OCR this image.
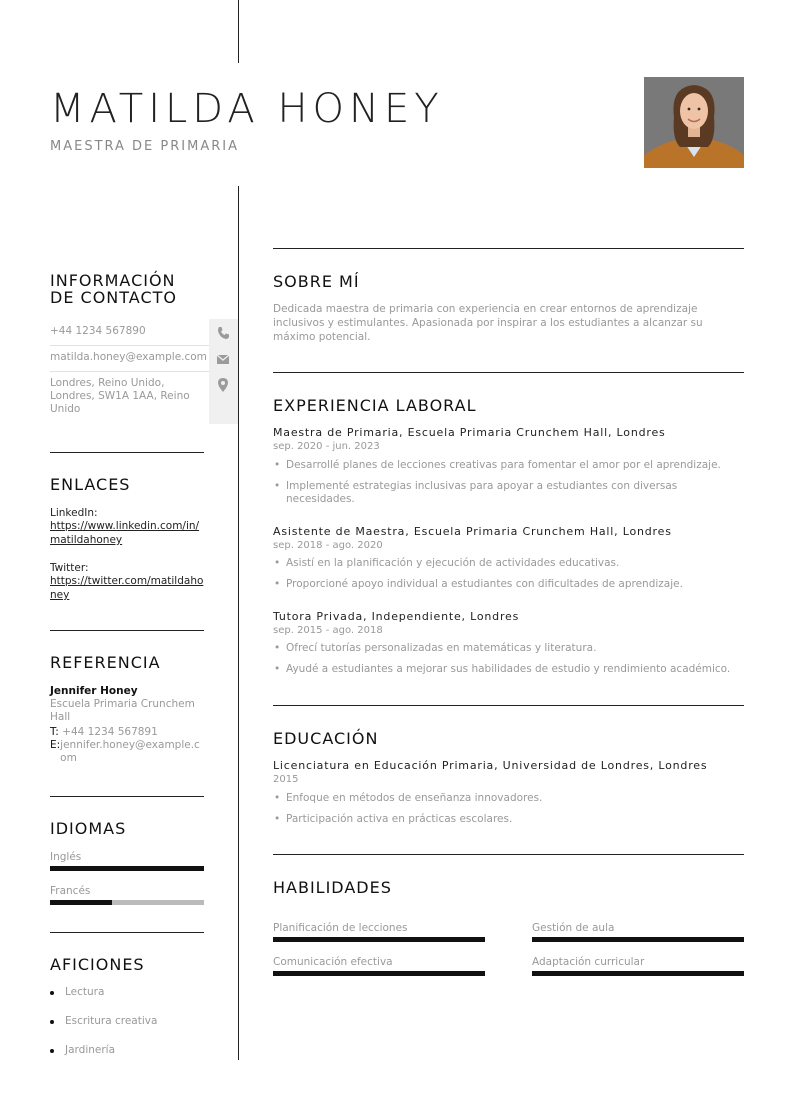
MATILDA HONEY
MAESTRA DE PRIMARIA
INFORMACIÓN
DE CONTACTO
+44 1234 567890
matilda.honey@example.com
Londres, Reino Unido, Londres, SW1A 1AA, Reino Unido
ENLACES
LinkedIn:
https://www.linkedin.com/in/matildahoney
Twitter:
https://twitter.com/matildahoney
REFERENCIA
Jennifer Honey
Escuela Primaria Crunchem Hall
T: +44 1234 567891
E: jennifer.honey@example.com
IDIOMAS
Inglés
Francés
AFICIONES
Lectura
Escritura creativa
Jardinería
SOBRE MÍ
Dedicada maestra de primaria con experiencia en crear entornos de aprendizaje inclusivos y estimulantes. Apasionada por inspirar a los estudiantes a alcanzar su máximo potencial.
EXPERIENCIA LABORAL
Maestra de Primaria, Escuela Primaria Crunchem Hall, Londres
sep. 2020 - jun. 2023
• Desarrollé planes de lecciones creativas para fomentar el amor por el aprendizaje.
• Implementé estrategias inclusivas para apoyar a estudiantes con diversas necesidades.
Asistente de Maestra, Escuela Primaria Crunchem Hall, Londres
sep. 2018 - ago. 2020
• Asistí en la planificación y ejecución de actividades educativas.
• Proporcioné apoyo individual a estudiantes con dificultades de aprendizaje.
Tutora Privada, Independiente, Londres
sep. 2015 - ago. 2018
• Ofrecí tutorías personalizadas en matemáticas y literatura.
• Ayudé a estudiantes a mejorar sus habilidades de estudio y rendimiento académico.
EDUCACIÓN
Licenciatura en Educación Primaria, Universidad de Londres, Londres
2015
• Enfoque en métodos de enseñanza innovadores.
• Participación activa en prácticas escolares.
HABILIDADES
Planificación de lecciones	Gestión de aula
Comunicación efectiva	Adaptación curricular
